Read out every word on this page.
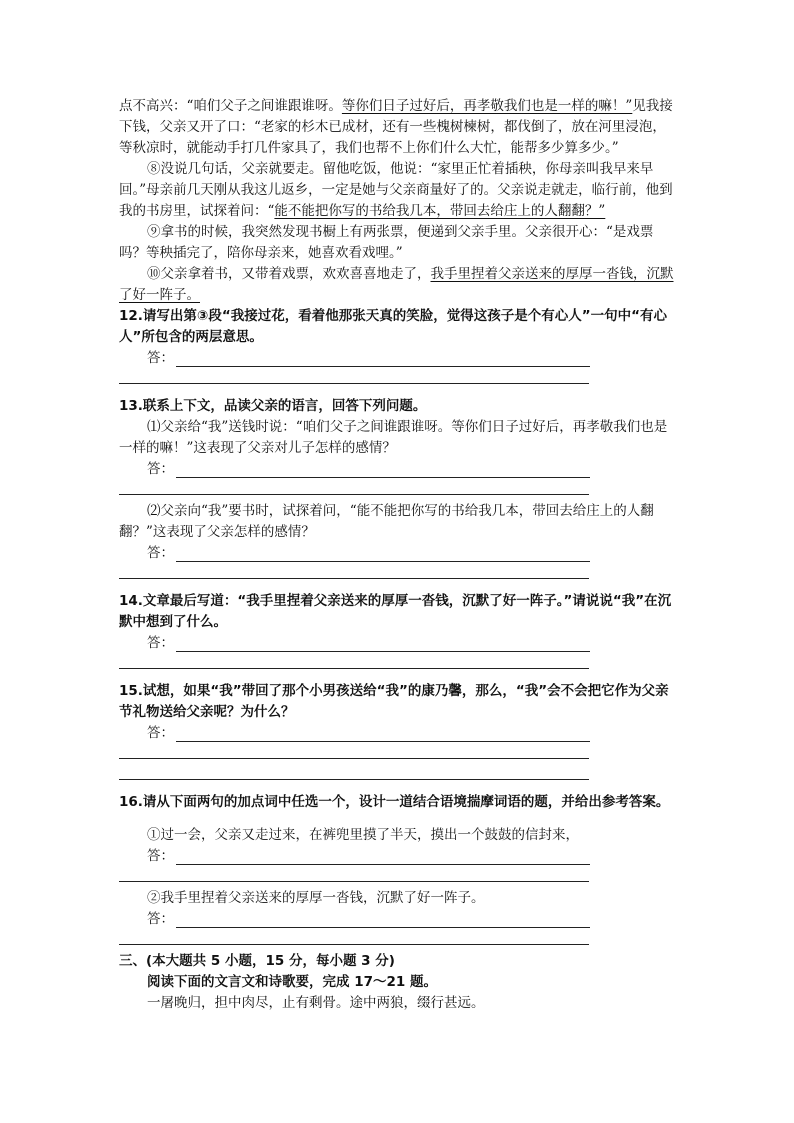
点不高兴：“咱们父子之间谁跟谁呀。等你们日子过好后，再孝敬我们也是一样的嘛！”见我接下钱，父亲又开了口：“老家的杉木已成材，还有一些槐树楝树，都伐倒了，放在河里浸泡，等秋凉时，就能动手打几件家具了，我们也帮不上你们什么大忙，能帮多少算多少。”

⑧没说几句话，父亲就要走。留他吃饭，他说：“家里正忙着插秧，你母亲叫我早来早回。”母亲前几天刚从我这儿返乡，一定是她与父亲商量好了的。父亲说走就走，临行前，他到我的书房里，试探着问：“能不能把你写的书给我几本，带回去给庄上的人翻翻？”

⑨拿书的时候，我突然发现书橱上有两张票，便递到父亲手里。父亲很开心：“是戏票吗？等秧插完了，陪你母亲来，她喜欢看戏哩。”

⑩父亲拿着书，又带着戏票，欢欢喜喜地走了，我手里捏着父亲送来的厚厚一沓钱，沉默了好一阵子。

12.请写出第③段“我接过花，看着他那张天真的笑脸，觉得这孩子是个有心人”一句中“有心人”所包含的两层意思。

答：

13.联系上下文，品读父亲的语言，回答下列问题。

⑴父亲给“我”送钱时说：“咱们父子之间谁跟谁呀。等你们日子过好后，再孝敬我们也是一样的嘛！”这表现了父亲对儿子怎样的感情？

答：

⑵父亲向“我”要书时，试探着问，“能不能把你写的书给我几本，带回去给庄上的人翻翻？”这表现了父亲怎样的感情？

答：

14.文章最后写道：“我手里捏着父亲送来的厚厚一沓钱，沉默了好一阵子。”请说说“我”在沉默中想到了什么。

答：

15.试想，如果“我”带回了那个小男孩送给“我”的康乃馨，那么，“我”会不会把它作为父亲节礼物送给父亲呢？为什么？

答：

16.请从下面两句的加点词中任选一个，设计一道结合语境揣摩词语的题，并给出参考答案。

①过一会，父亲又走过来，在裤兜里摸了半天，摸出一个鼓鼓的信封来，

答：

②我手里捏着父亲送来的厚厚一沓钱，沉默了好一阵子。

答：

三、(本大题共 5 小题，15 分，每小题 3 分)

阅读下面的文言文和诗歌要，完成 17～21 题。

一屠晚归，担中肉尽，止有剩骨。途中两狼，缀行甚远。
